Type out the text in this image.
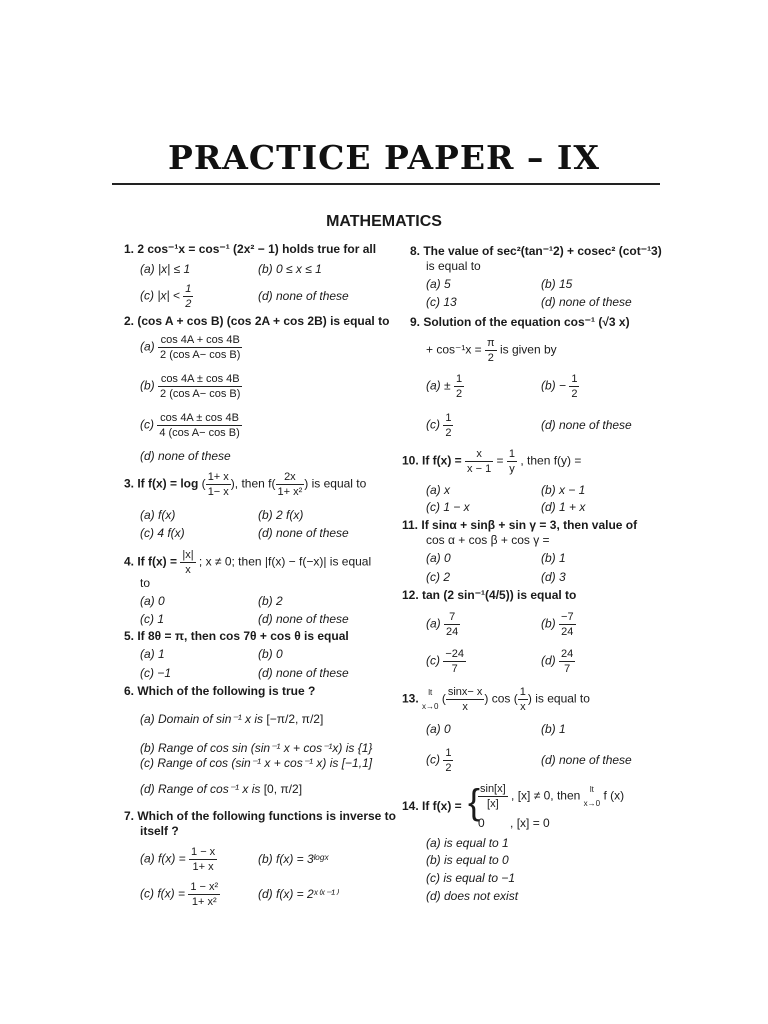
PRACTICE PAPER – IX
MATHEMATICS
1. 2 cos⁻¹x = cos⁻¹ (2x² − 1) holds true for all
(a) |x| ≤ 1	(b) 0 ≤ x ≤ 1
(c) $|x| < \frac{1}{2}$	(d) none of these
2. (cos A + cos B) (cos 2A + cos 2B) is equal to
$(a) \frac{\cos 4A + \cos 4B}{\text{2 (cos A− cos B)}}$
$(b) \frac{\cos 4A \pm \cos 4B}{\text{2 (cos A− cos B)}}$
$(c) \frac{\cos 4A \pm \cos 4B}{\text{4 (cos A− cos B)}}$
(d) none of these
3. If f(x) = log ( $\frac{1+ x}{1- x}$ ), then $f( \frac{2x}{\text{1+ x²}}$ ) is equal to
(a) f(x)	(b) 2 f(x)
(c) 4 f(x)	(d) none of these
4. If $f(x) = \frac{|x|}{x}$ ; x ≠ 0; then |f(x) − f(−x)| is equal
to
(a) 0	(b) 2
(c) 1	(d) none of these
5. If 8θ = π, then cos 7θ + cos θ is equal
(a) 1	(b) 0
(c) −1	(d) none of these
6. Which of the following is true ?
(a) Domain of sin⁻¹ x is [−π/2, π/2]
(b) Range of cos sin (sin⁻¹ x + cos⁻¹x) is {1}
(c) Range of cos (sin⁻¹ x + cos⁻¹ x) is [−1,1]
(d) Range of cos⁻¹ x is [0, π/2]
7. Which of the following functions is inverse to
itself ?
(a) $f(x) = \frac{1 - x}{1+ x}$	(b) f(x) = 3ˡᵒᵍˣ
(c) $f(x) = \frac{\text{1 − x²}}{\text{1+ x²}}$	(d) f(x) = 2ˣ⁽ˣ⁻¹⁾
8. The value of sec²(tan⁻¹2) + cosec² (cot⁻¹3)
is equal to
(a) 5	(b) 15
(c) 13	(d) none of these
9. Solution of the equation cos⁻¹ (√3 x)
+ $\cos^{-1}x = \frac{\pi}{2}$ is given by
$(a) \pm \frac{1}{2}$	$(b) - \frac{1}{2}$
$(c) \frac{1}{2}$	(d) none of these
10. If $f(x) = \frac{x}{x - 1} = \frac{1}{y}$ , then f(y) =
(a) x	(b) x − 1
(c) 1 − x	(d) 1 + x
11. If sinα + sinβ + sin γ = 3, then value of
cos α + cos β + cos γ =
(a) 0	(b) 1
(c) 2	(d) 3
12. tan (2 sin⁻¹(4/5)) is equal to
$(a) \frac{7}{24}$	$(b) \frac{-7}{24}$
$(c) \frac{-24}{7}$	$(d) \frac{24}{7}$
13.	lt
x→0
( $\frac{\sin x- x}{x}$ ) cos ( $\frac{1}{x}$ ) is equal to
(a) 0	(b) 1
$(c) \frac{1}{2}$	(d) none of these
14. If f(x) = {
$\frac{\sin[x]}{[x]}$ , [x] ≠ 0, then	lt
x→0
f (x)
0 , [x] = 0
(a) is equal to 1
(b) is equal to 0
(c) is equal to −1
(d) does not exist
